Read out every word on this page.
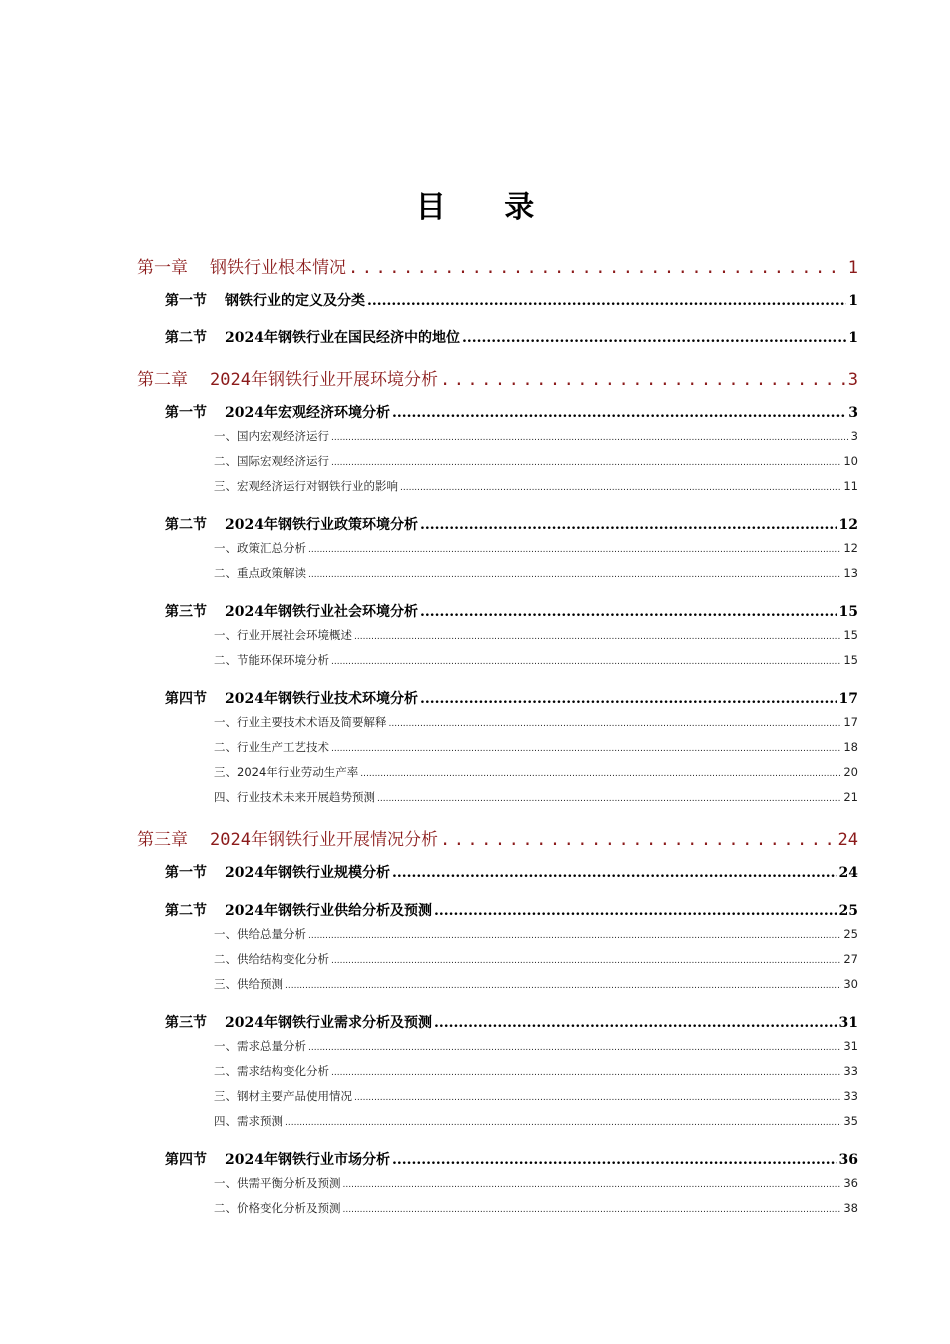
目 录
第一章 钢铁行业根本情况 .....	1
第一节 钢铁行业的定义及分类 .....	1
第二节 2024年钢铁行业在国民经济中的地位 .....	1
第二章 2024年钢铁行业开展环境分析 .....	3
第一节 2024年宏观经济环境分析 .....	3
一、国内宏观经济运行 .....	3
二、国际宏观经济运行 .....	10
三、宏观经济运行对钢铁行业的影响 .....	11
第二节 2024年钢铁行业政策环境分析 .....	12
一、政策汇总分析 .....	12
二、重点政策解读 .....	13
第三节 2024年钢铁行业社会环境分析 .....	15
一、行业开展社会环境概述 .....	15
二、节能环保环境分析 .....	15
第四节 2024年钢铁行业技术环境分析 .....	17
一、行业主要技术术语及简要解释 .....	17
二、行业生产工艺技术 .....	18
三、2024年行业劳动生产率 .....	20
四、行业技术未来开展趋势预测 .....	21
第三章 2024年钢铁行业开展情况分析 .....	24
第一节 2024年钢铁行业规模分析 .....	24
第二节 2024年钢铁行业供给分析及预测 .....	25
一、供给总量分析 .....	25
二、供给结构变化分析 .....	27
三、供给预测 .....	30
第三节 2024年钢铁行业需求分析及预测 .....	31
一、需求总量分析 .....	31
二、需求结构变化分析 .....	33
三、钢材主要产品使用情况 .....	33
四、需求预测 .....	35
第四节 2024年钢铁行业市场分析 .....	36
一、供需平衡分析及预测 .....	36
二、价格变化分析及预测 .....	38
